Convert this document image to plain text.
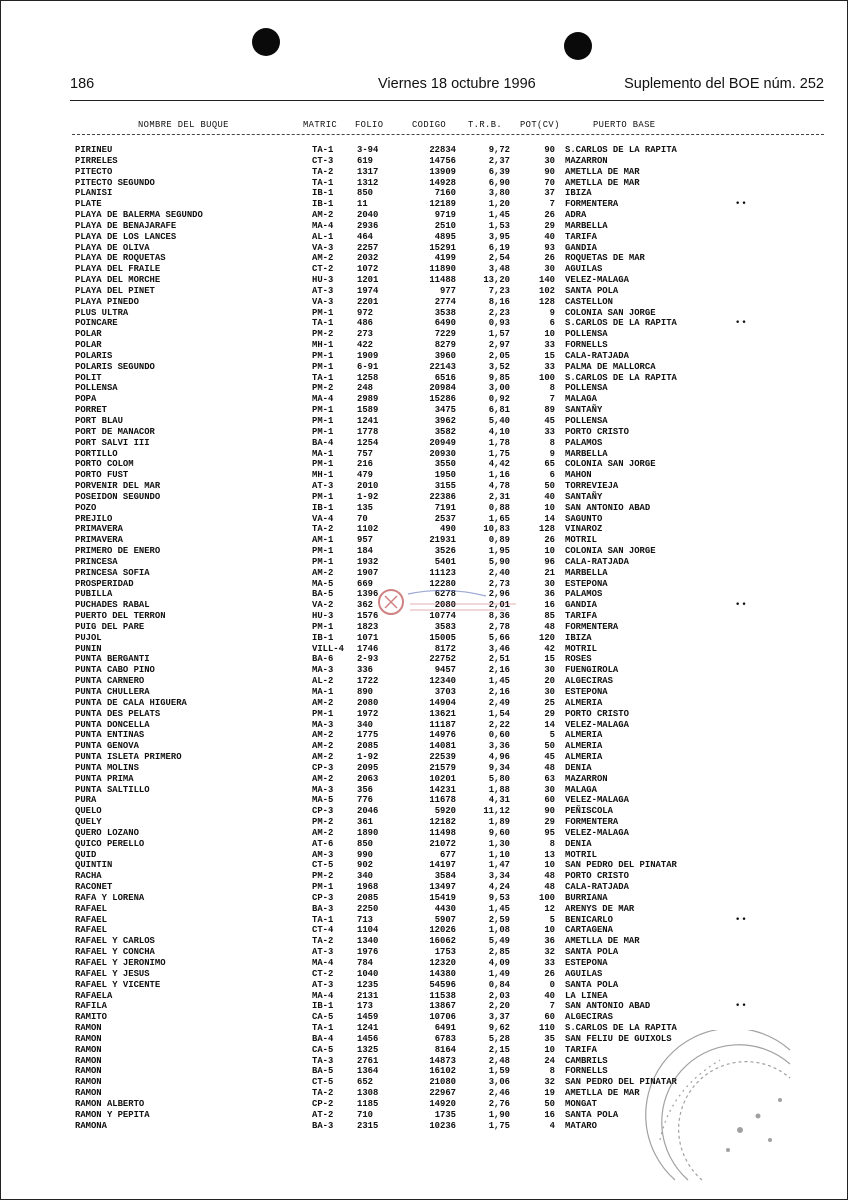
186	Viernes 18 octubre 1996	Suplemento del BOE núm. 252
NOMBRE DEL BUQUE	MATRIC FOLIO	CODIGO T.R.B. POT(CV)	PUERTO BASE
PIRINEU	TA-1	3-94	22834	9,72	90 S.CARLOS DE LA RAPITA
PIRRELES	CT-3	619	14756	2,37	30 MAZARRON
PITECTO	TA-2	1317	13909	6,39	90 AMETLLA DE MAR
PITECTO SEGUNDO	TA-1	1312	14928	6,90	70 AMETLLA DE MAR
PLANISI	IB-1	850	7160	3,80	37 IBIZA
PLATE	IB-1	11	12189	1,20	7 FORMENTERA	••
PLAYA DE BALERMA SEGUNDO	AM-2	2040	9719	1,45	26 ADRA
PLAYA DE BENAJARAFE	MA-4	2936	2510	1,53	29 MARBELLA
PLAYA DE LOS LANCES	AL-1	464	4895	3,95	40 TARIFA
PLAYA DE OLIVA	VA-3	2257	15291	6,19	93 GANDIA
PLAYA DE ROQUETAS	AM-2	2032	4199	2,54	26 ROQUETAS DE MAR
PLAYA DEL FRAILE	CT-2	1072	11890	3,48	30 AGUILAS
PLAYA DEL MORCHE	HU-3	1201	11488	13,20	140 VELEZ-MALAGA
PLAYA DEL PINET	AT-3	1974	977	7,23	102 SANTA POLA
PLAYA PINEDO	VA-3	2201	2774	8,16	128 CASTELLON
PLUS ULTRA	PM-1	972	3538	2,23	9 COLONIA SAN JORGE
POINCARE	TA-1	486	6490	0,93	6 S.CARLOS DE LA RAPITA	••
POLAR	PM-2	273	7229	1,57	10 POLLENSA
POLAR	MH-1	422	8279	2,97	33 FORNELLS
POLARIS	PM-1	1909	3960	2,05	15 CALA-RATJADA
POLARIS SEGUNDO	PM-1	6-91	22143	3,52	33 PALMA DE MALLORCA
POLIT	TA-1	1258	6516	9,85	100 S.CARLOS DE LA RAPITA
POLLENSA	PM-2	248	20984	3,00	8 POLLENSA
POPA	MA-4	2989	15286	0,92	7 MALAGA
PORRET	PM-1	1589	3475	6,81	89 SANTAÑY
PORT BLAU	PM-1	1241	3962	5,40	45 POLLENSA
PORT DE MANACOR	PM-1	1778	3582	4,10	33 PORTO CRISTO
PORT SALVI III	BA-4	1254	20949	1,78	8 PALAMOS
PORTILLO	MA-1	757	20930	1,75	9 MARBELLA
PORTO COLOM	PM-1	216	3550	4,42	65 COLONIA SAN JORGE
PORTO FUST	MH-1	479	1950	1,16	6 MAHON
PORVENIR DEL MAR	AT-3	2010	3155	4,78	50 TORREVIEJA
POSEIDON SEGUNDO	PM-1	1-92	22386	2,31	40 SANTAÑY
POZO	IB-1	135	7191	0,88	10 SAN ANTONIO ABAD
PREJILO	VA-4	70	2537	1,65	14 SAGUNTO
PRIMAVERA	TA-2	1102	490	10,83	128 VINAROZ
PRIMAVERA	AM-1	957	21931	0,89	26 MOTRIL
PRIMERO DE ENERO	PM-1	184	3526	1,95	10 COLONIA SAN JORGE
PRINCESA	PM-1	1932	5401	5,90	96 CALA-RATJADA
PRINCESA SOFIA	AM-2	1907	11123	2,40	21 MARBELLA
PROSPERIDAD	MA-5	669	12280	2,73	30 ESTEPONA
PUBILLA	BA-5	1396	6278	2,96	36 PALAMOS
PUCHADES RABAL	VA-2	362	2080	2,01	16 GANDIA	••
PUERTO DEL TERRON	HU-3	1576	10774	8,36	85 TARIFA
PUIG DEL PARE	PM-1	1823	3583	2,78	48 FORMENTERA
PUJOL	IB-1	1071	15005	5,66	120 IBIZA
PUNIN	VILL-4 1746	8172	3,46	42 MOTRIL
PUNTA BERGANTI	BA-6	2-93	22752	2,51	15 ROSES
PUNTA CABO PINO	MA-3	336	9457	2,16	30 FUENGIROLA
PUNTA CARNERO	AL-2	1722	12340	1,45	20 ALGECIRAS
PUNTA CHULLERA	MA-1	890	3703	2,16	30 ESTEPONA
PUNTA DE CALA HIGUERA	AM-2	2080	14904	2,49	25 ALMERIA
PUNTA DES PELATS	PM-1	1972	13621	1,54	29 PORTO CRISTO
PUNTA DONCELLA	MA-3	340	11187	2,22	14 VELEZ-MALAGA
PUNTA ENTINAS	AM-2	1775	14976	0,60	5 ALMERIA
PUNTA GENOVA	AM-2	2085	14081	3,36	50 ALMERIA
PUNTA ISLETA PRIMERO	AM-2	1-92	22539	4,96	45 ALMERIA
PUNTA MOLINS	CP-3	2095	21579	9,34	48 DENIA
PUNTA PRIMA	AM-2	2063	10201	5,80	63 MAZARRON
PUNTA SALTILLO	MA-3	356	14231	1,88	30 MALAGA
PURA	MA-5	776	11678	4,31	60 VELEZ-MALAGA
QUELO	CP-3	2046	5920	11,12	90 PEÑISCOLA
QUELY	PM-2	361	12182	1,89	29 FORMENTERA
QUERO LOZANO	AM-2	1890	11498	9,60	95 VELEZ-MALAGA
QUICO PERELLO	AT-6	850	21072	1,30	8 DENIA
QUID	AM-3	990	677	1,10	13 MOTRIL
QUINTIN	CT-5	902	14197	1,47	10 SAN PEDRO DEL PINATAR
RACHA	PM-2	340	3584	3,34	48 PORTO CRISTO
RACONET	PM-1	1968	13497	4,24	48 CALA-RATJADA
RAFA Y LORENA	CP-3	2085	15419	9,53	100 BURRIANA
RAFAEL	BA-3	2250	4430	1,45	12 ARENYS DE MAR
RAFAEL	TA-1	713	5907	2,59	5 BENICARLO	••
RAFAEL	CT-4	1104	12026	1,08	10 CARTAGENA
RAFAEL Y CARLOS	TA-2	1340	16062	5,49	36 AMETLLA DE MAR
RAFAEL Y CONCHA	AT-3	1976	1753	2,85	32 SANTA POLA
RAFAEL Y JERONIMO	MA-4	784	12320	4,09	33 ESTEPONA
RAFAEL Y JESUS	CT-2	1040	14380	1,49	26 AGUILAS
RAFAEL Y VICENTE	AT-3	1235	54596	0,84	0 SANTA POLA
RAFAELA	MA-4	2131	11538	2,03	40 LA LINEA
RAFILA	IB-1	173	13867	2,20	7 SAN ANTONIO ABAD	••
RAMITO	CA-5	1459	10706	3,37	60 ALGECIRAS
RAMON	TA-1	1241	6491	9,62	110 S.CARLOS DE LA RAPITA
RAMON	BA-4	1456	6783	5,28	35 SAN FELIU DE GUIXOLS
RAMON	CA-5	1325	8164	2,15	10 TARIFA
RAMON	TA-3	2761	14873	2,48	24 CAMBRILS
RAMON	BA-5	1364	16102	1,59	8 FORNELLS
RAMON	CT-5	652	21080	3,06	32 SAN PEDRO DEL PINATAR
RAMON	TA-2	1308	22967	2,46	19 AMETLLA DE MAR
RAMON ALBERTO	CP-2	1185	14920	2,76	50 MONGAT
RAMON Y PEPITA	AT-2	710	1735	1,90	16 SANTA POLA
RAMONA	BA-3	2315	10236	1,75	4 MATARO
